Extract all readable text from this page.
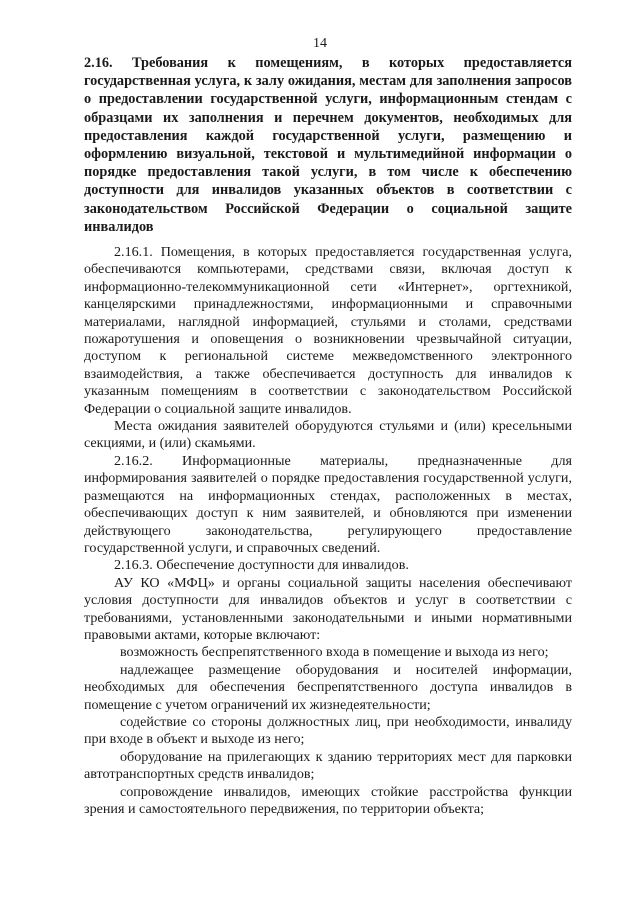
14
2.16. Требования к помещениям, в которых предоставляется государственная услуга, к залу ожидания, местам для заполнения запросов о предоставлении государственной услуги, информационным стендам с образцами их заполнения и перечнем документов, необходимых для предоставления каждой государственной услуги, размещению и оформлению визуальной, текстовой и мультимедийной информации о порядке предоставления такой услуги, в том числе к обеспечению доступности для инвалидов указанных объектов в соответствии с законодательством Российской Федерации о социальной защите инвалидов

2.16.1. Помещения, в которых предоставляется государственная услуга, обеспечиваются компьютерами, средствами связи, включая доступ к информационно-телекоммуникационной сети «Интернет», оргтехникой, канцелярскими принадлежностями, информационными и справочными материалами, наглядной информацией, стульями и столами, средствами пожаротушения и оповещения о возникновении чрезвычайной ситуации, доступом к региональной системе межведомственного электронного взаимодействия, а также обеспечивается доступность для инвалидов к указанным помещениям в соответствии с законодательством Российской Федерации о социальной защите инвалидов.

Места ожидания заявителей оборудуются стульями и (или) кресельными секциями, и (или) скамьями.

2.16.2. Информационные материалы, предназначенные для информирования заявителей о порядке предоставления государственной услуги, размещаются на информационных стендах, расположенных в местах, обеспечивающих доступ к ним заявителей, и обновляются при изменении действующего законодательства, регулирующего предоставление государственной услуги, и справочных сведений.

2.16.3. Обеспечение доступности для инвалидов.

АУ КО «МФЦ» и органы социальной защиты населения обеспечивают условия доступности для инвалидов объектов и услуг в соответствии с требованиями, установленными законодательными и иными нормативными правовыми актами, которые включают:

возможность беспрепятственного входа в помещение и выхода из него;

надлежащее размещение оборудования и носителей информации, необходимых для обеспечения беспрепятственного доступа инвалидов в помещение с учетом ограничений их жизнедеятельности;

содействие со стороны должностных лиц, при необходимости, инвалиду при входе в объект и выходе из него;

оборудование на прилегающих к зданию территориях мест для парковки автотранспортных средств инвалидов;

сопровождение инвалидов, имеющих стойкие расстройства функции зрения и самостоятельного передвижения, по территории объекта;
